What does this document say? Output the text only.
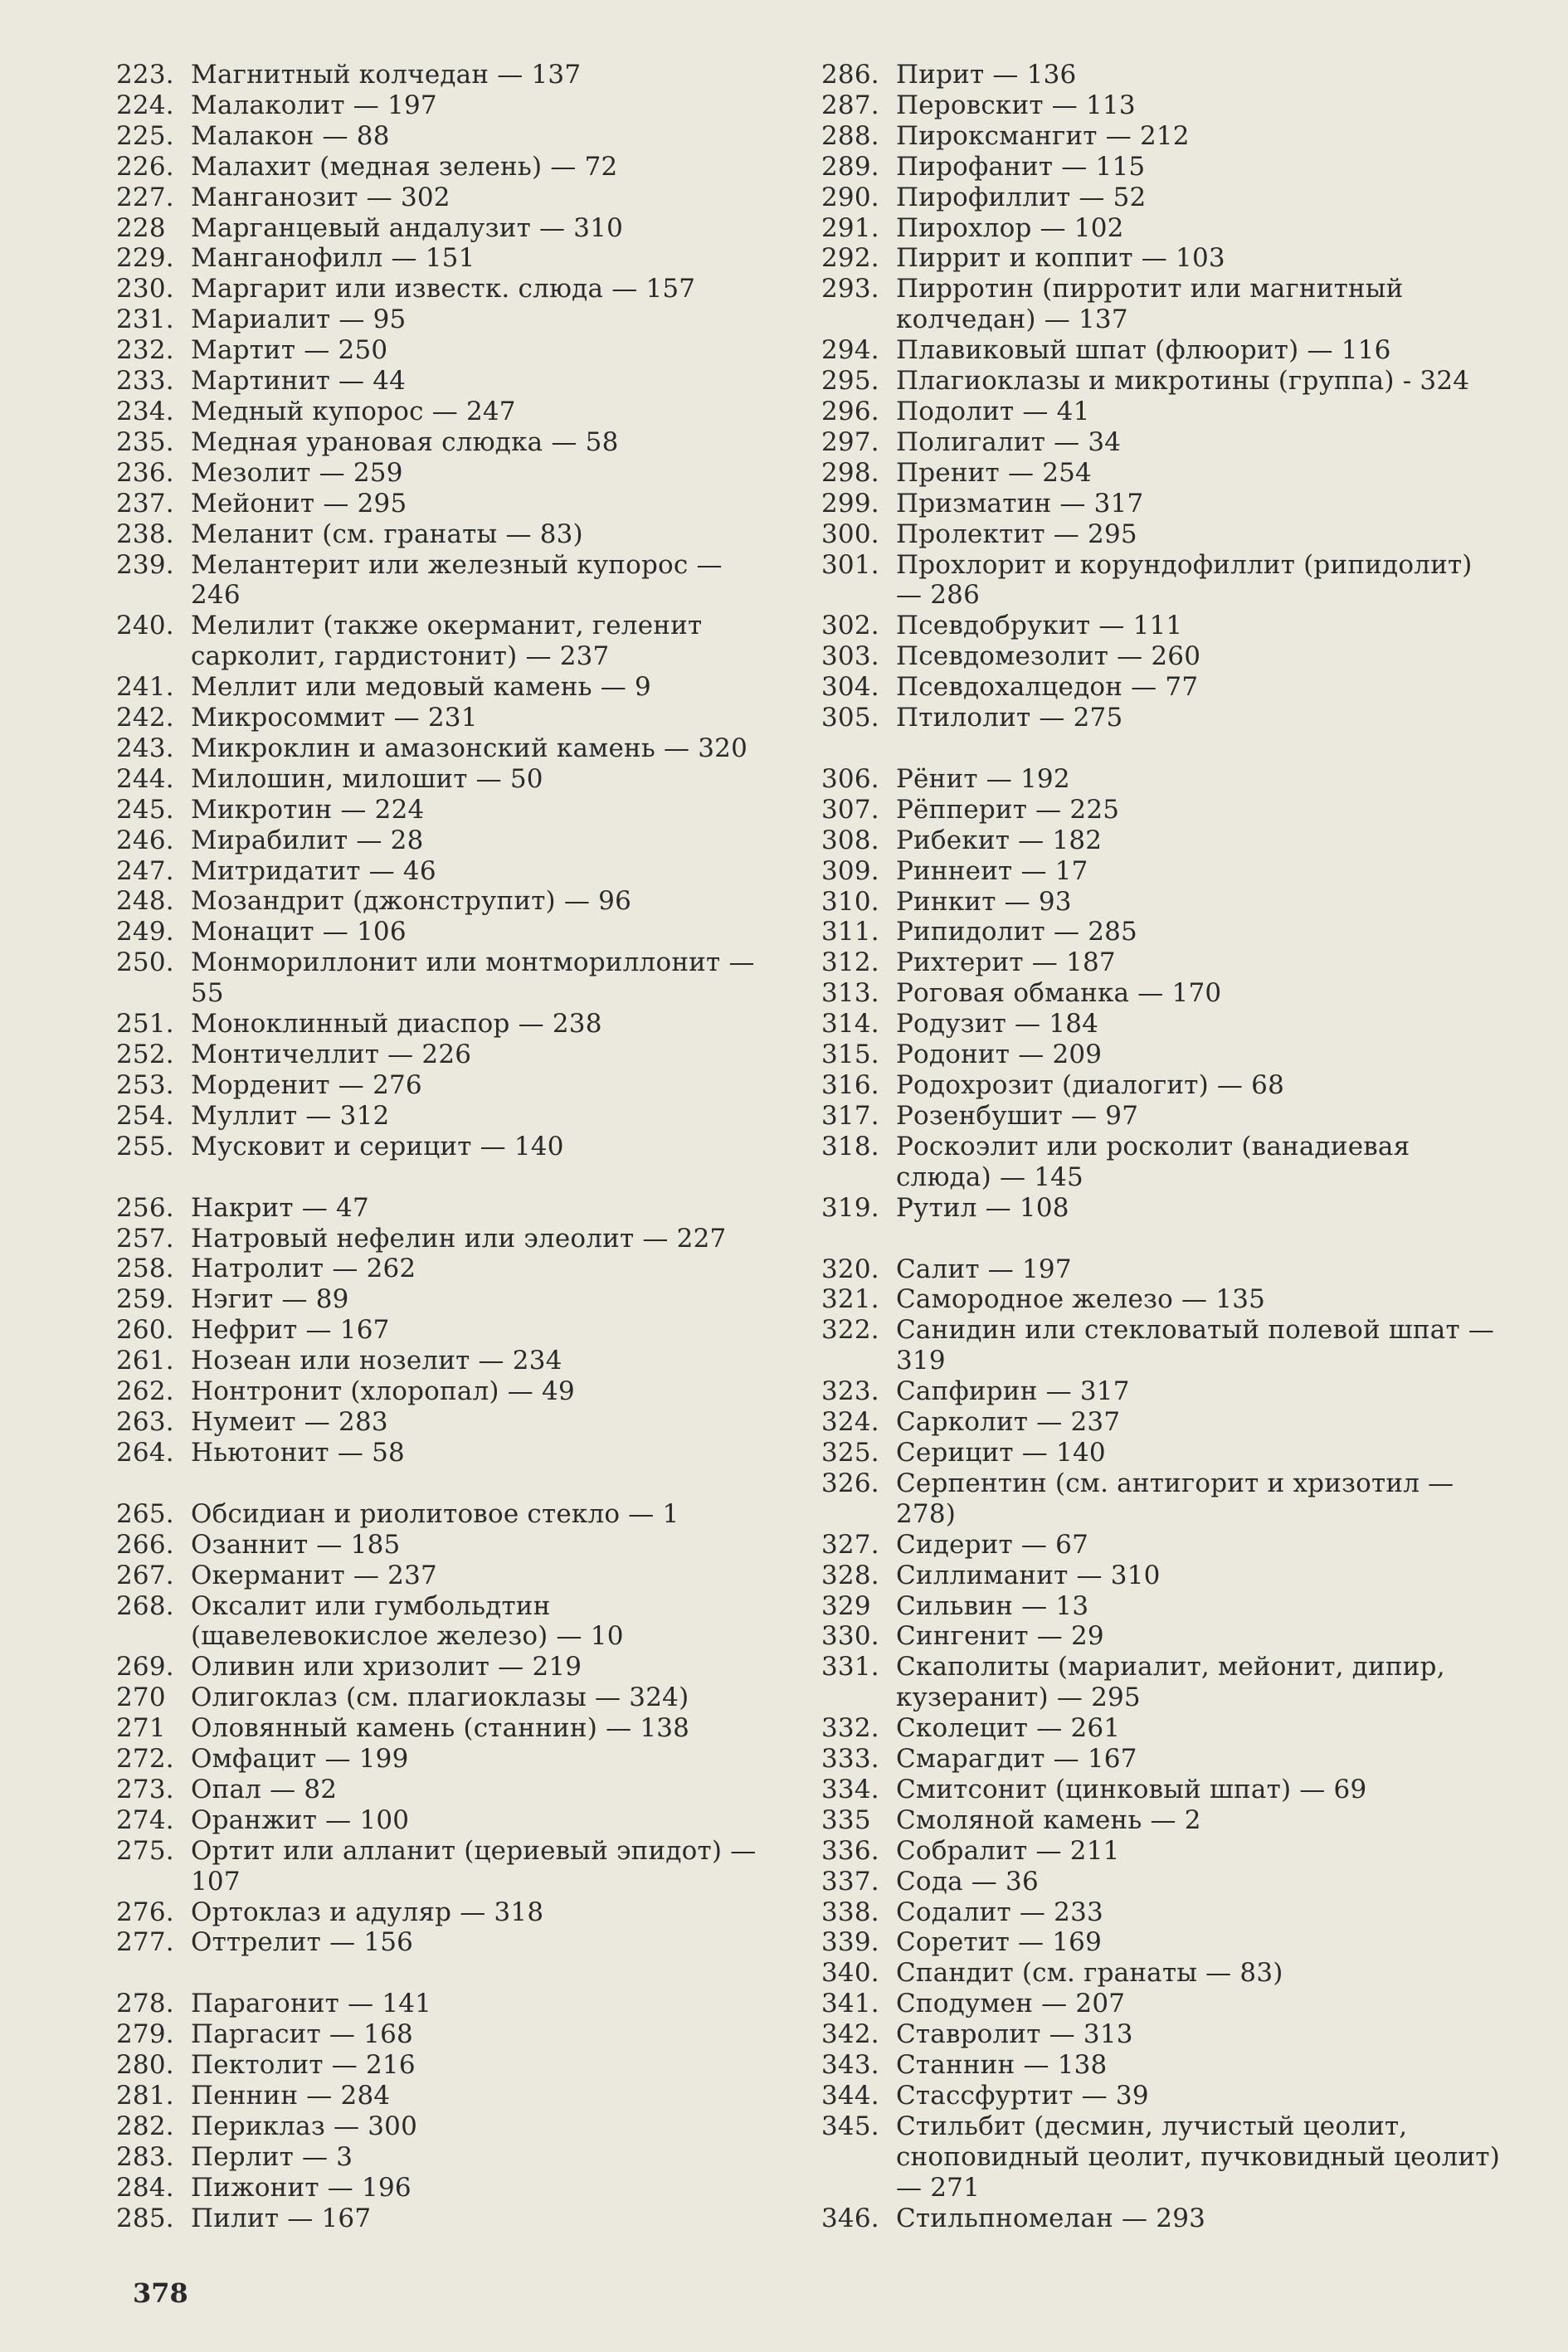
223. Магнитный колчедан — 137
224. Малаколит — 197
225. Малакон — 88
226. Малахит (медная зелень) — 72
227. Манганозит — 302
228 Марганцевый андалузит — 310
229. Манганофилл — 151
230. Маргарит или известк. слюда — 157
231. Мариалит — 95
232. Мартит — 250
233. Мартинит — 44
234. Медный купорос — 247
235. Медная урановая слюдка — 58
236. Мезолит — 259
237. Мейонит — 295
238. Меланит (см. гранаты — 83)
239. Мелантерит или железный купорос — 246
240. Мелилит (также окерманит, геленит сарколит, гардистонит) — 237
241. Меллит или медовый камень — 9
242. Микросоммит — 231
243. Микроклин и амазонский камень — 320
244. Милошин, милошит — 50
245. Микротин — 224
246. Мирабилит — 28
247. Митридатит — 46
248. Мозандрит (джонструпит) — 96
249. Монацит — 106
250. Монмориллонит или монтмориллонит — 55
251. Моноклинный диаспор — 238
252. Монтичеллит — 226
253. Морденит — 276
254. Муллит — 312
255. Мусковит и серицит — 140
256. Накрит — 47
257. Натровый нефелин или элеолит — 227
258. Натролит — 262
259. Нэгит — 89
260. Нефрит — 167
261. Нозеан или нозелит — 234
262. Нонтронит (хлоропал) — 49
263. Нумеит — 283
264. Ньютонит — 58
265. Обсидиан и риолитовое стекло — 1
266. Озаннит — 185
267. Окерманит — 237
268. Оксалит или гумбольдтин (щавелевокислое железо) — 10
269. Оливин или хризолит — 219
270 Олигоклаз (см. плагиоклазы — 324)
271 Оловянный камень (станнин) — 138
272. Омфацит — 199
273. Опал — 82
274. Оранжит — 100
275. Ортит или алланит (цериевый эпидот) — 107
276. Ортоклаз и адуляр — 318
277. Оттрелит — 156
278. Парагонит — 141
279. Паргасит — 168
280. Пектолит — 216
281. Пеннин — 284
282. Периклаз — 300
283. Перлит — 3
284. Пижонит — 196
285. Пилит — 167
286. Пирит — 136
287. Перовскит — 113
288. Пироксмангит — 212
289. Пирофанит — 115
290. Пирофиллит — 52
291. Пирохлор — 102
292. Пиррит и коппит — 103
293. Пирротин (пирротит или магнитный колчедан) — 137
294. Плавиковый шпат (флюорит) — 116
295. Плагиоклазы и микротины (группа) - 324
296. Подолит — 41
297. Полигалит — 34
298. Пренит — 254
299. Призматин — 317
300. Пролектит — 295
301. Прохлорит и корундофиллит (рипидолит) — 286
302. Псевдобрукит — 111
303. Псевдомезолит — 260
304. Псевдохалцедон — 77
305. Птилолит — 275
306. Рёнит — 192
307. Рёпперит — 225
308. Рибекит — 182
309. Риннеит — 17
310. Ринкит — 93
311. Рипидолит — 285
312. Рихтерит — 187
313. Роговая обманка — 170
314. Родузит — 184
315. Родонит — 209
316. Родохрозит (диалогит) — 68
317. Розенбушит — 97
318. Роскоэлит или росколит (ванадиевая слюда) — 145
319. Рутил — 108
320. Салит — 197
321. Самородное железо — 135
322. Санидин или стекловатый полевой шпат — 319
323. Сапфирин — 317
324. Сарколит — 237
325. Серицит — 140
326. Серпентин (см. антигорит и хризотил — 278)
327. Сидерит — 67
328. Силлиманит — 310
329 Сильвин — 13
330. Сингенит — 29
331. Скаполиты (мариалит, мейонит, дипир, кузеранит) — 295
332. Сколецит — 261
333. Смарагдит — 167
334. Смитсонит (цинковый шпат) — 69
335 Смоляной камень — 2
336. Собралит — 211
337. Сода — 36
338. Содалит — 233
339. Соретит — 169
340. Спандит (см. гранаты — 83)
341. Сподумен — 207
342. Ставролит — 313
343. Станнин — 138
344. Стассфуртит — 39
345. Стильбит (десмин, лучистый цеолит, сноповидный цеолит, пучковидный цеолит) — 271
346. Стильпномелан — 293
378
